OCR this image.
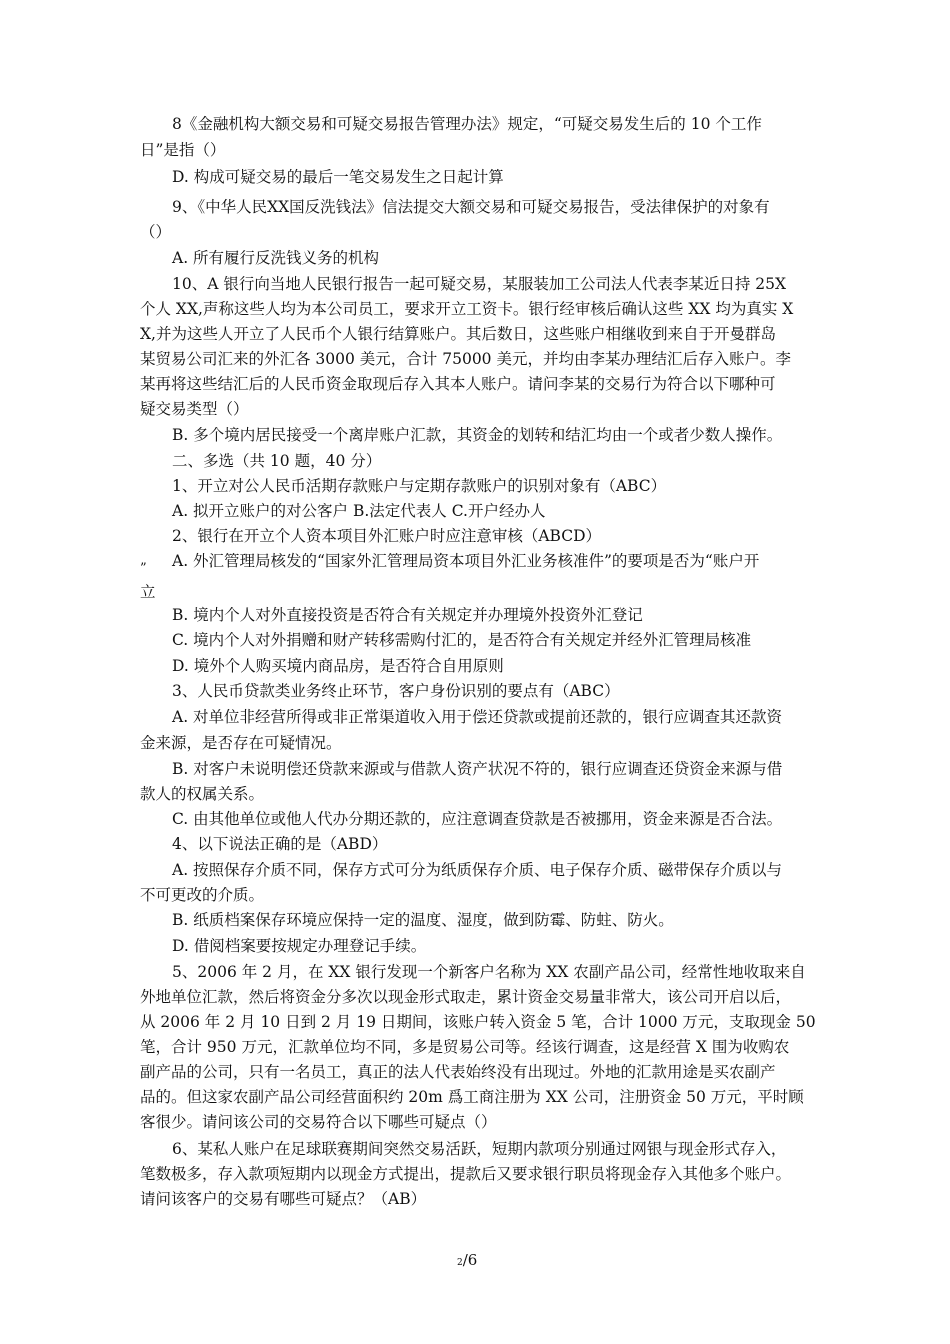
8《金融机构大额交易和可疑交易报告管理办法》规定，“可疑交易发生后的 10 个工作
日”是指（）
D. 构成可疑交易的最后一笔交易发生之日起计算
9、《中华人民XX国反洗钱法》信法提交大额交易和可疑交易报告，受法律保护的对象有
（）
A. 所有履行反洗钱义务的机构
10、A 银行向当地人民银行报告一起可疑交易，某服装加工公司法人代表李某近日持 25X
个人 XX,声称这些人均为本公司员工，要求开立工资卡。银行经审核后确认这些 XX 均为真实 X
X,并为这些人开立了人民币个人银行结算账户。其后数日，这些账户相继收到来自于开曼群岛
某贸易公司汇来的外汇各 3000 美元，合计 75000 美元，并均由李某办理结汇后存入账户。李
某再将这些结汇后的人民币资金取现后存入其本人账户。请问李某的交易行为符合以下哪种可
疑交易类型（）
B. 多个境内居民接受一个离岸账户汇款，其资金的划转和结汇均由一个或者少数人操作。
二、多选（共 10 题，40 分）
1、开立对公人民币活期存款账户与定期存款账户的识别对象有（ABC）
A. 拟开立账户的对公客户 B.法定代表人 C.开户经办人
2、银行在开立个人资本项目外汇账户时应注意审核（ABCD）
A. 外汇管理局核发的“国家外汇管理局资本项目外汇业务核准件”的要项是否为“账户开
”
立
B. 境内个人对外直接投资是否符合有关规定并办理境外投资外汇登记
C. 境内个人对外捐赠和财产转移需购付汇的，是否符合有关规定并经外汇管理局核准
D. 境外个人购买境内商品房，是否符合自用原则
3、人民币贷款类业务终止环节，客户身份识别的要点有（ABC）
A. 对单位非经营所得或非正常渠道收入用于偿还贷款或提前还款的，银行应调查其还款资
金来源，是否存在可疑情况。
B. 对客户未说明偿还贷款来源或与借款人资产状况不符的，银行应调查还贷资金来源与借
款人的权属关系。
C. 由其他单位或他人代办分期还款的，应注意调查贷款是否被挪用，资金来源是否合法。
4、以下说法正确的是（ABD）
A. 按照保存介质不同，保存方式可分为纸质保存介质、电子保存介质、磁带保存介质以与
不可更改的介质。
B. 纸质档案保存环境应保持一定的温度、湿度，做到防霉、防蛀、防火。
D. 借阅档案要按规定办理登记手续。
5、2006 年 2 月，在 XX 银行发现一个新客户名称为 XX 农副产品公司，经常性地收取来自
外地单位汇款，然后将资金分多次以现金形式取走，累计资金交易量非常大，该公司开启以后，
从 2006 年 2 月 10 日到 2 月 19 日期间，该账户转入资金 5 笔，合计 1000 万元，支取现金 50
笔，合计 950 万元，汇款单位均不同，多是贸易公司等。经该行调查，这是经营 X 围为收购农
副产品的公司，只有一名员工，真正的法人代表始终没有出现过。外地的汇款用途是买农副产
品的。但这家农副产品公司经营面积约 20m 爲工商注册为 XX 公司，注册资金 50 万元，平时顾
客很少。请问该公司的交易符合以下哪些可疑点（）
6、某私人账户在足球联赛期间突然交易活跃，短期内款项分别通过网银与现金形式存入，
笔数极多，存入款项短期内以现金方式提出，提款后又要求银行职员将现金存入其他多个账户。
请问该客户的交易有哪些可疑点？（AB）
2/6
